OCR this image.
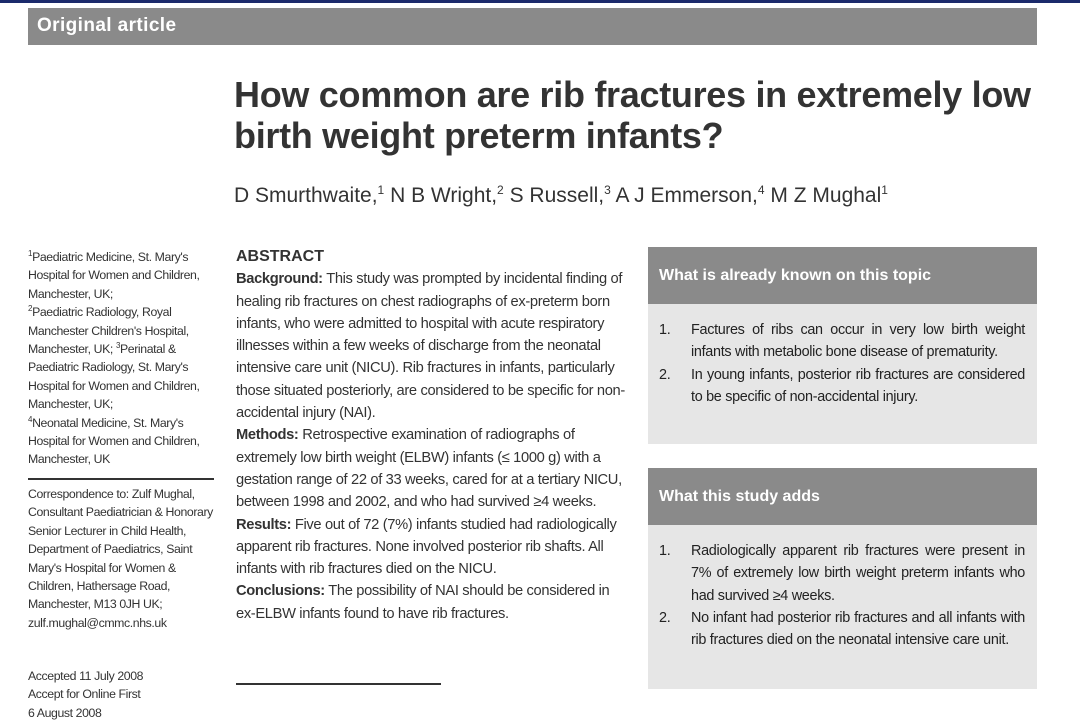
Original article
How common are rib fractures in extremely low birth weight preterm infants?
D Smurthwaite,$^1$ N B Wright,$^2$ S Russell,$^3$ A J Emmerson,$^4$ M Z Mughal$^1$
$^1$Paediatric Medicine, St. Mary's Hospital for Women and Children, Manchester, UK;
$^2$Paediatric Radiology, Royal Manchester Children's Hospital, Manchester, UK; $^3$Perinatal & Paediatric Radiology, St. Mary's Hospital for Women and Children, Manchester, UK;
$^4$Neonatal Medicine, St. Mary's Hospital for Women and Children, Manchester, UK
Correspondence to: Zulf Mughal, Consultant Paediatrician & Honorary Senior Lecturer in Child Health, Department of Paediatrics, Saint Mary's Hospital for Women & Children, Hathersage Road, Manchester, M13 0JH UK; zulf.mughal@cmmc.nhs.uk
Accepted 11 July 2008
Accept for Online First
6 August 2008
ABSTRACT
Background: This study was prompted by incidental finding of healing rib fractures on chest radiographs of ex-preterm born infants, who were admitted to hospital with acute respiratory illnesses within a few weeks of discharge from the neonatal intensive care unit (NICU). Rib fractures in infants, particularly those situated posteriorly, are considered to be specific for non-accidental injury (NAI).
Methods: Retrospective examination of radiographs of extremely low birth weight (ELBW) infants (≤ 1000 g) with a gestation range of 22 of 33 weeks, cared for at a tertiary NICU, between 1998 and 2002, and who had survived ≥4 weeks.
Results: Five out of 72 (7%) infants studied had radiologically apparent rib fractures. None involved posterior rib shafts. All infants with rib fractures died on the NICU.
Conclusions: The possibility of NAI should be considered in ex-ELBW infants found to have rib fractures.
What is already known on this topic
1. Factures of ribs can occur in very low birth weight infants with metabolic bone disease of prematurity.
2. In young infants, posterior rib fractures are considered to be specific of non-accidental injury.
What this study adds
1. Radiologically apparent rib fractures were present in 7% of extremely low birth weight preterm infants who had survived ≥4 weeks.
2. No infant had posterior rib fractures and all infants with rib fractures died on the neonatal intensive care unit.
